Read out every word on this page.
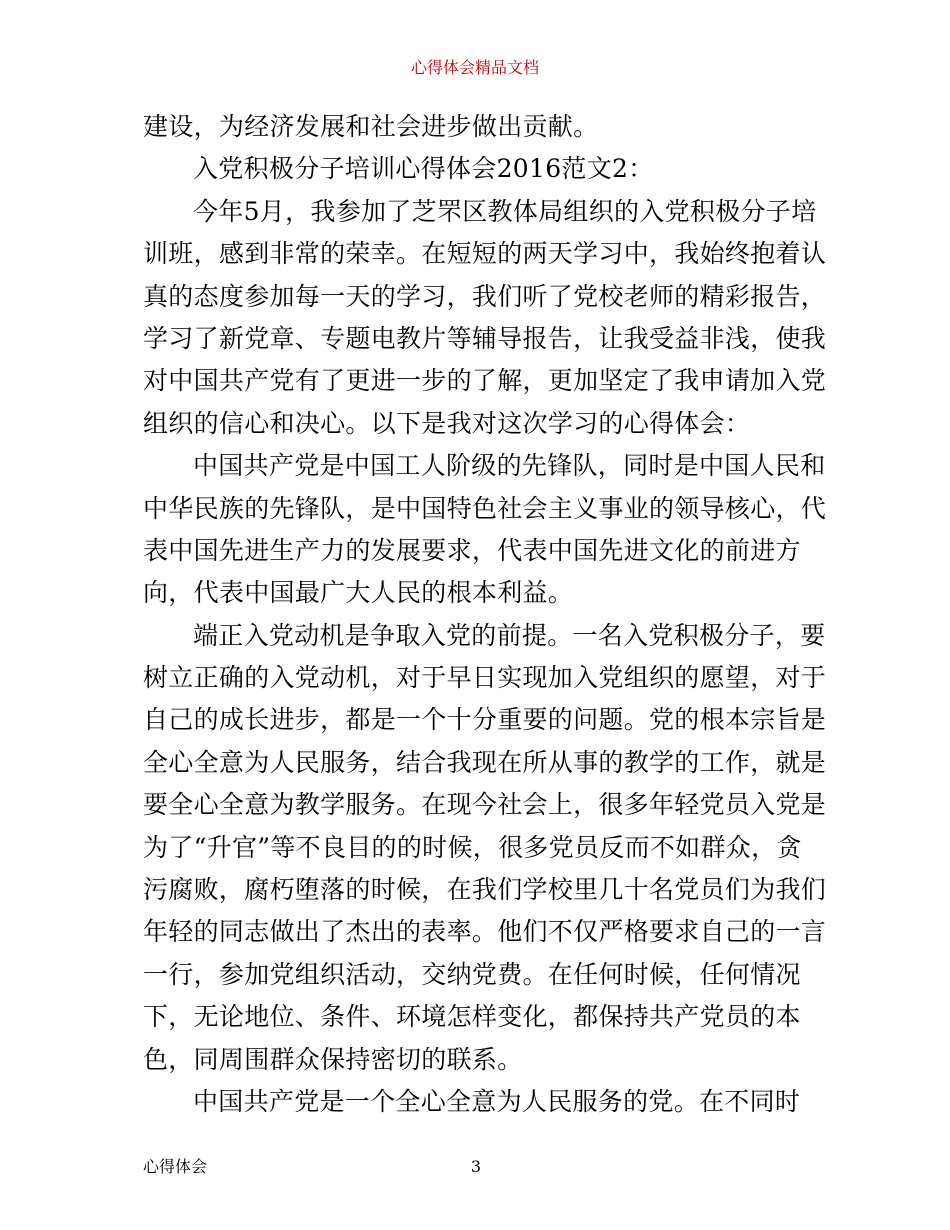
心得体会精品文档
建设，为经济发展和社会进步做出贡献。
入党积极分子培训心得体会2016范文2：
今年5月，我参加了芝罘区教体局组织的入党积极分子培
训班，感到非常的荣幸。在短短的两天学习中，我始终抱着认
真的态度参加每一天的学习，我们听了党校老师的精彩报告，
学习了新党章、专题电教片等辅导报告，让我受益非浅，使我
对中国共产党有了更进一步的了解，更加坚定了我申请加入党
组织的信心和决心。以下是我对这次学习的心得体会：
中国共产党是中国工人阶级的先锋队，同时是中国人民和
中华民族的先锋队，是中国特色社会主义事业的领导核心，代
表中国先进生产力的发展要求，代表中国先进文化的前进方
向，代表中国最广大人民的根本利益。
端正入党动机是争取入党的前提。一名入党积极分子，要
树立正确的入党动机，对于早日实现加入党组织的愿望，对于
自己的成长进步，都是一个十分重要的问题。党的根本宗旨是
全心全意为人民服务，结合我现在所从事的教学的工作，就是
要全心全意为教学服务。在现今社会上，很多年轻党员入党是
为了“升官”等不良目的的时候，很多党员反而不如群众，贪
污腐败，腐朽堕落的时候，在我们学校里几十名党员们为我们
年轻的同志做出了杰出的表率。他们不仅严格要求自己的一言
一行，参加党组织活动，交纳党费。在任何时候，任何情况
下，无论地位、条件、环境怎样变化，都保持共产党员的本
色，同周围群众保持密切的联系。
中国共产党是一个全心全意为人民服务的党。在不同时
心得体会	3
